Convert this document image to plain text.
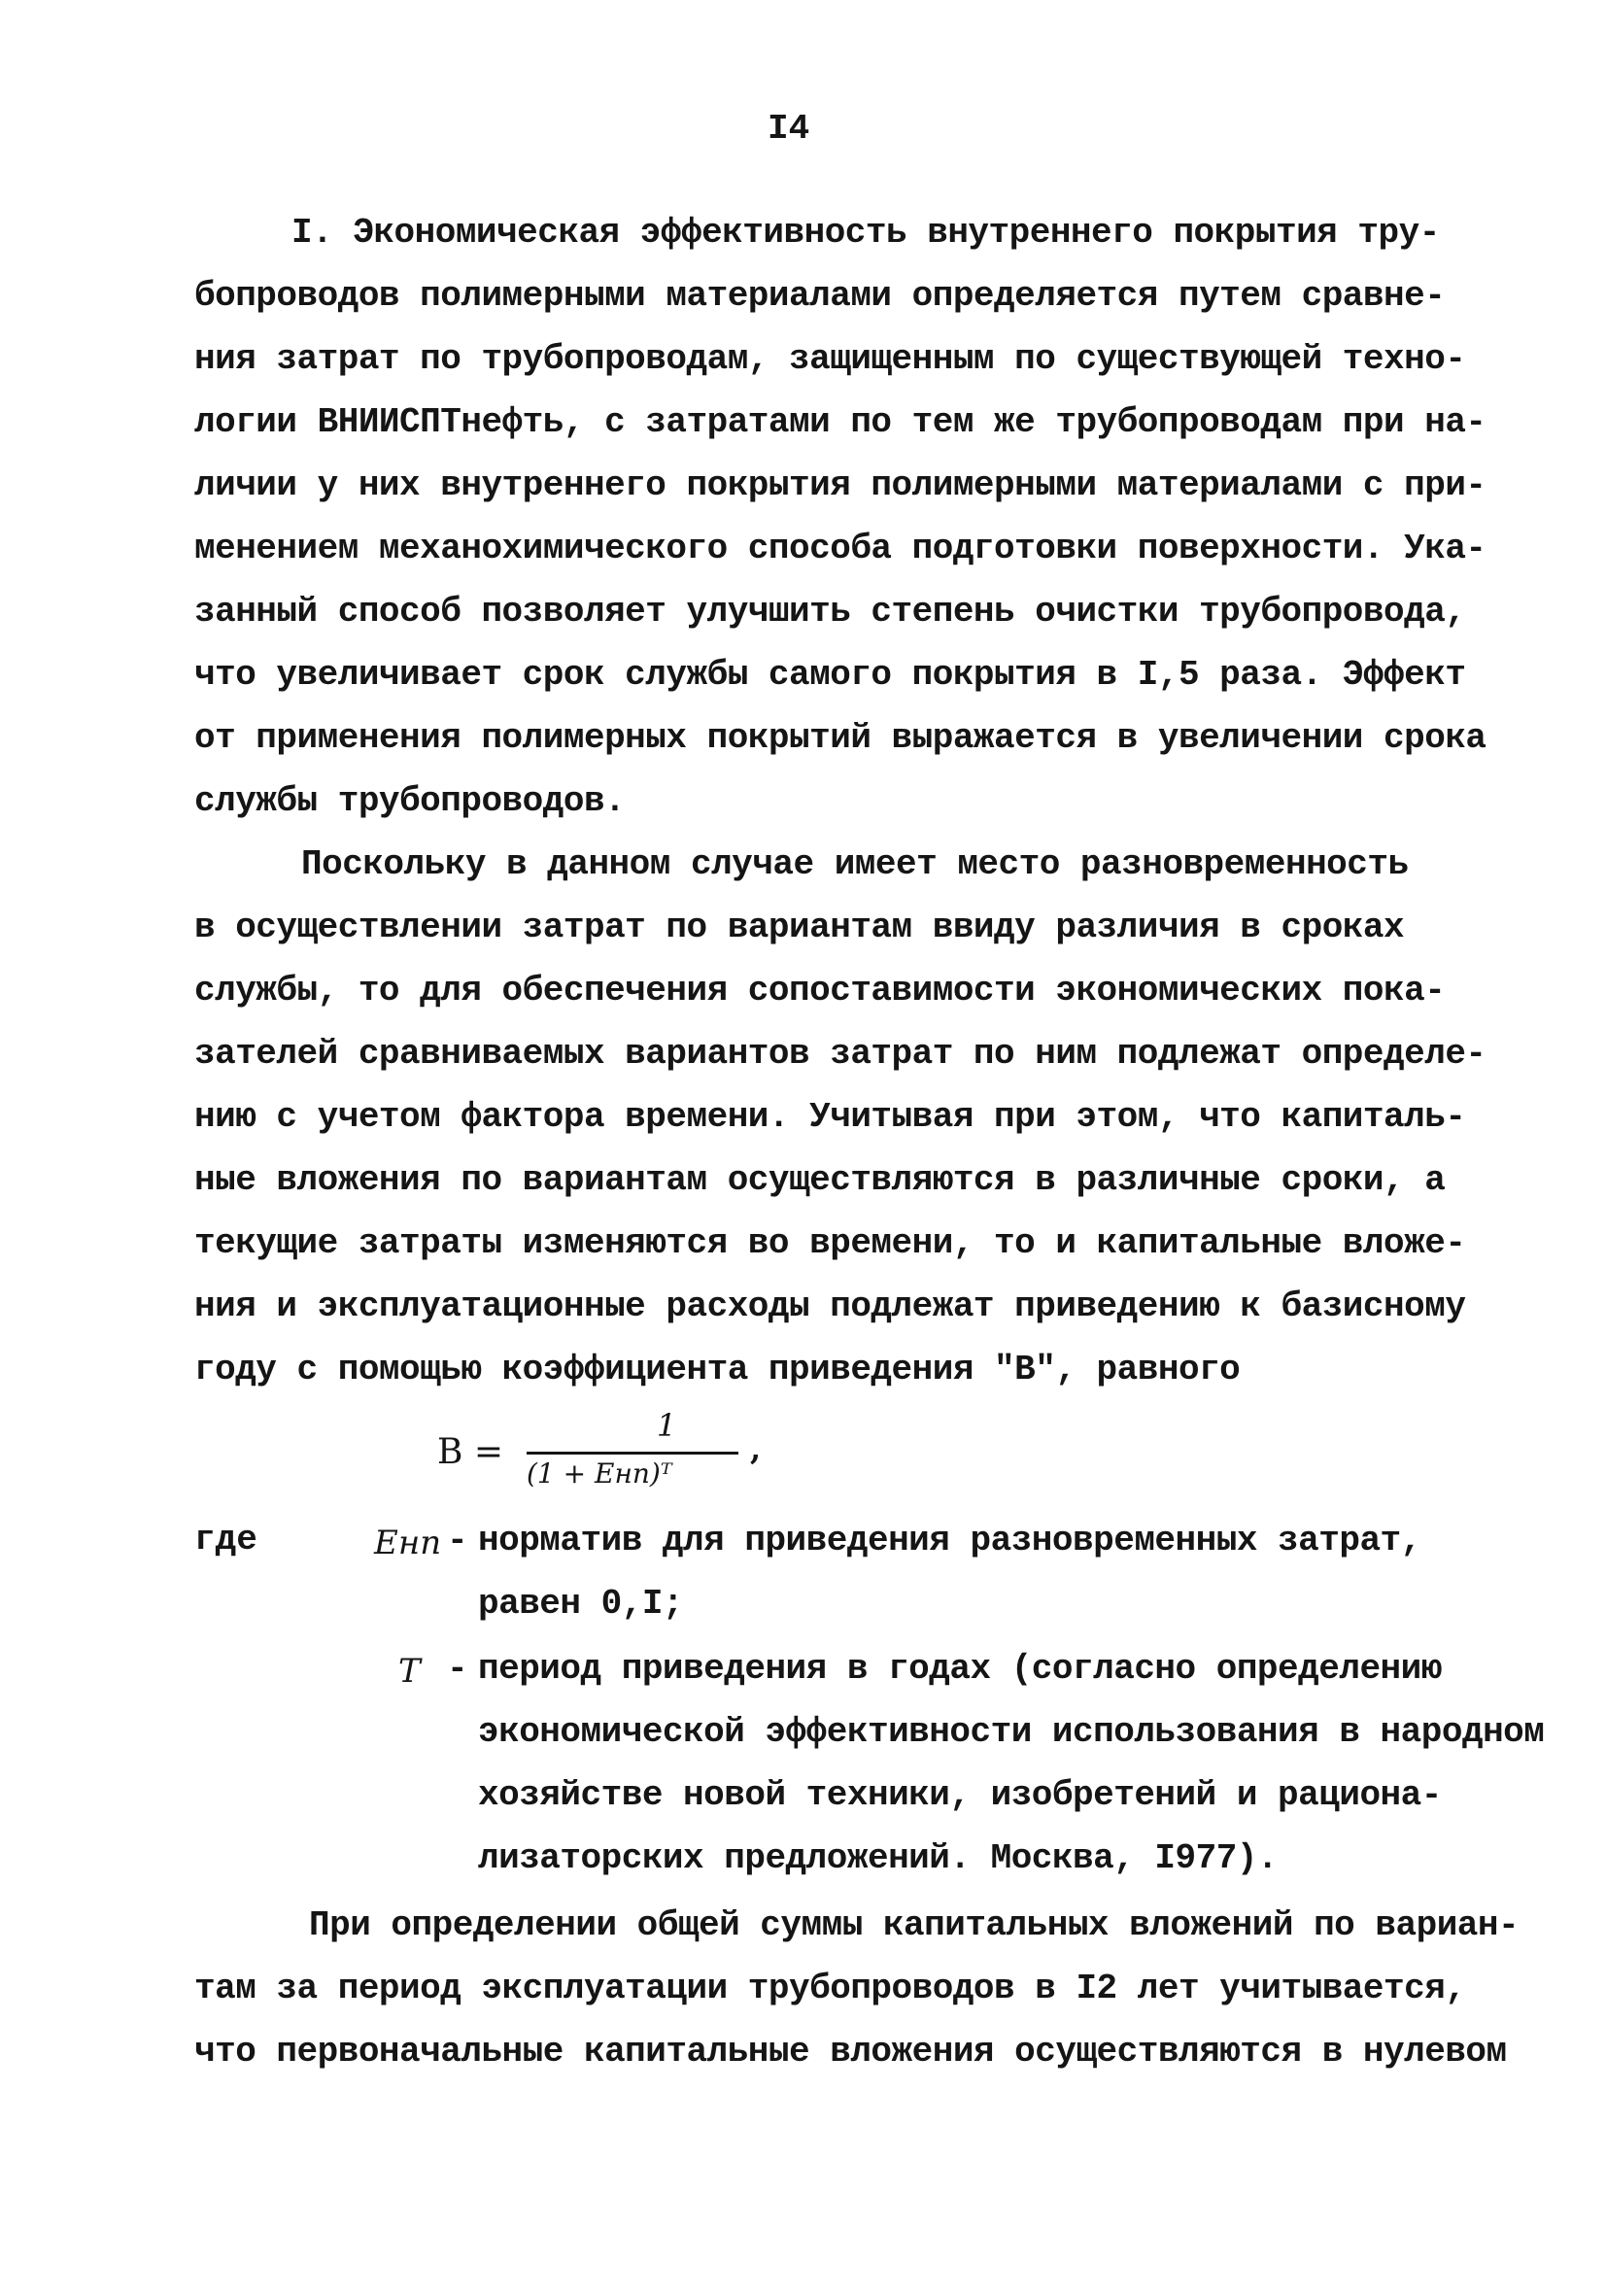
I4
I. Экономическая эффективность внутреннего покрытия тру-
бопроводов полимерными материалами определяется путем сравне-
ния затрат по трубопроводам, защищенным по существующей техно-
логии ВНИИСПТнефть, с затратами по тем же трубопроводам при на-
личии у них внутреннего покрытия полимерными материалами с при-
менением механохимического способа подготовки поверхности. Ука-
занный способ позволяет улучшить степень очистки трубопровода,
что увеличивает срок службы самого покрытия в I,5 раза. Эффект
от применения полимерных покрытий выражается в увеличении срока
службы трубопроводов.
Поскольку в данном случае имеет место разновременность
в осуществлении затрат по вариантам ввиду различия в сроках
службы, то для обеспечения сопоставимости экономических пока-
зателей сравниваемых вариантов затрат по ним подлежат определе-
нию с учетом фактора времени. Учитывая при этом, что капиталь-
ные вложения по вариантам осуществляются в различные сроки, а
текущие затраты изменяются во времени, то и капитальные вложе-
ния и эксплуатационные расходы подлежат приведению к базисному
году с помощью коэффициента приведения "В", равного
В =
1
(1 + Eнп)ᵀ
,
где	Eнп - норматив для приведения разновременных затрат,
равен 0,I;
T - период приведения в годах (согласно определению
экономической эффективности использования в народном
хозяйстве новой техники, изобретений и рациона-
лизаторских предложений. Москва, I977).
При определении общей суммы капитальных вложений по вариан-
там за период эксплуатации трубопроводов в I2 лет учитывается,
что первоначальные капитальные вложения осуществляются в нулевом
